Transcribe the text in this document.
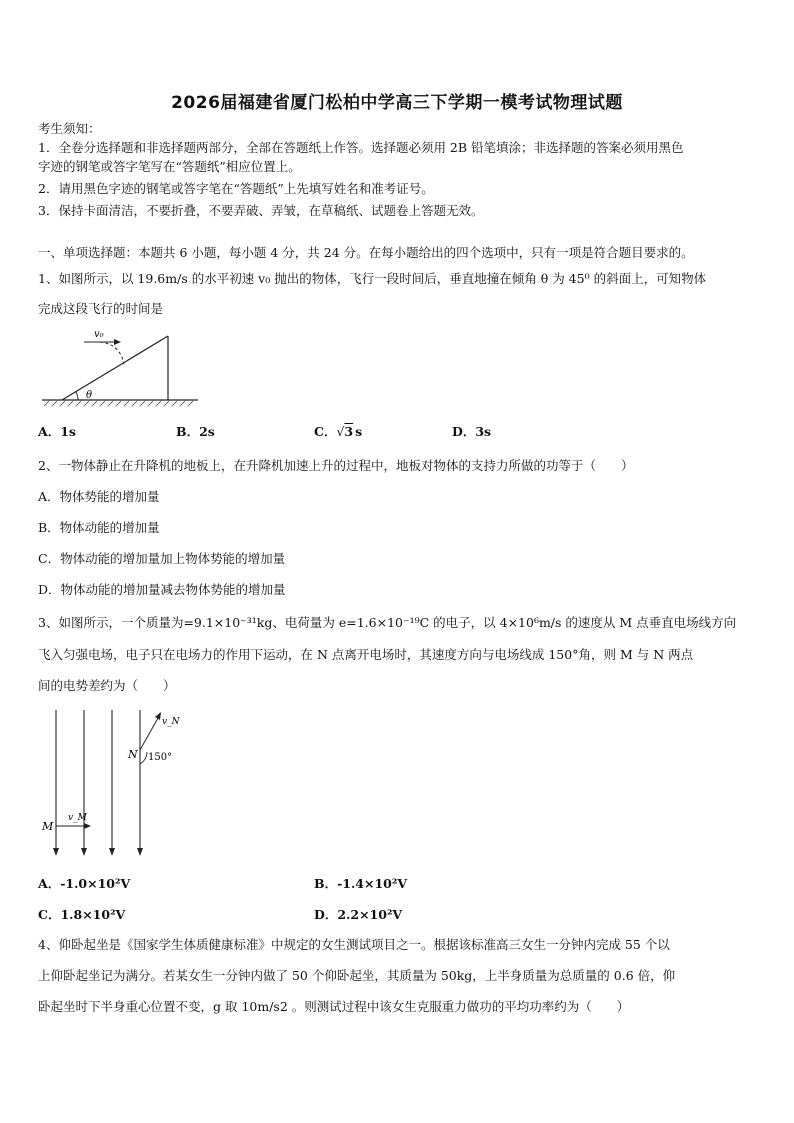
2026届福建省厦门松柏中学高三下学期一模考试物理试题
考生须知：
1．全卷分选择题和非选择题两部分，全部在答题纸上作答。选择题必须用 2B 铅笔填涂；非选择题的答案必须用黑色
字迹的钢笔或答字笔写在“答题纸”相应位置上。
2．请用黑色字迹的钢笔或答字笔在“答题纸”上先填写姓名和准考证号。
3．保持卡面清洁，不要折叠，不要弄破、弄皱，在草稿纸、试题卷上答题无效。
一、单项选择题：本题共 6 小题，每小题 4 分，共 24 分。在每小题给出的四个选项中，只有一项是符合题目要求的。
1、如图所示，以 19.6m/s 的水平初速 v₀ 抛出的物体，飞行一段时间后，垂直地撞在倾角 θ 为 45⁰ 的斜面上，可知物体
完成这段飞行的时间是
v₀
θ
A．1s	B．2s	C．√3 s	D．3s
2、一物体静止在升降机的地板上，在升降机加速上升的过程中，地板对物体的支持力所做的功等于（　　）
A．物体势能的增加量
B．物体动能的增加量
C．物体动能的增加量加上物体势能的增加量
D．物体动能的增加量减去物体势能的增加量
3、如图所示，一个质量为=9.1×10⁻³¹kg、电荷量为 e=1.6×10⁻¹⁹C 的电子，以 4×10⁶m/s 的速度从 M 点垂直电场线方向
飞入匀强电场，电子只在电场力的作用下运动，在 N 点离开电场时，其速度方向与电场线成 150°角，则 M 与 N 两点
间的电势差约为（　　）
M
v_M
N
v_N
150°
A．-1.0×10²V	B．-1.4×10²V
C．1.8×10²V	D．2.2×10²V
4、仰卧起坐是《国家学生体质健康标准》中规定的女生测试项目之一。根据该标准高三女生一分钟内完成 55 个以
上仰卧起坐记为满分。若某女生一分钟内做了 50 个仰卧起坐，其质量为 50kg，上半身质量为总质量的 0.6 倍，仰
卧起坐时下半身重心位置不变，g 取 10m/s2 。则测试过程中该女生克服重力做功的平均功率约为（　　）
